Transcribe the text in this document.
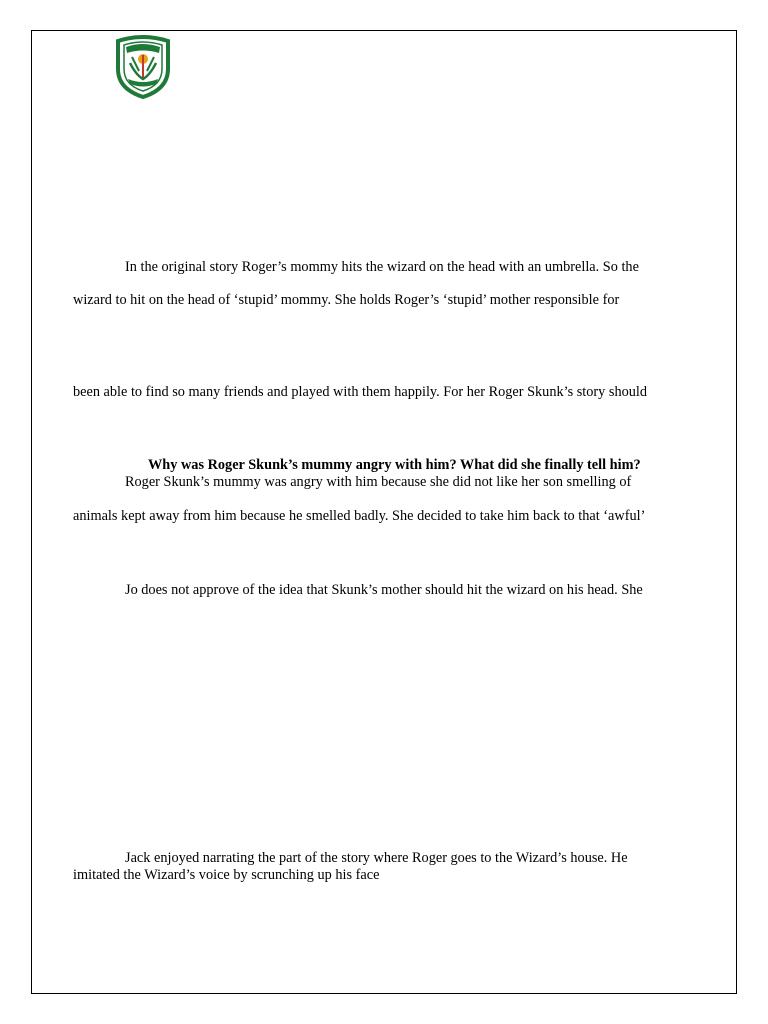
In the original story Roger’s mommy hits the wizard on the head with an umbrella. So the
wizard to hit on the head of ‘stupid’ mommy. She holds Roger’s ‘stupid’ mother responsible for
been able to find so many friends and played with them happily. For her Roger Skunk’s story should
Why was Roger Skunk’s mummy angry with him? What did she finally tell him?
Roger Skunk’s mummy was angry with him because she did not like her son smelling of
animals kept away from him because he smelled badly. She decided to take him back to that ‘awful’
Jo does not approve of the idea that Skunk’s mother should hit the wizard on his head. She
Jack enjoyed narrating the part of the story where Roger goes to the Wizard’s house. He
imitated the Wizard’s voice by scrunching up his face
